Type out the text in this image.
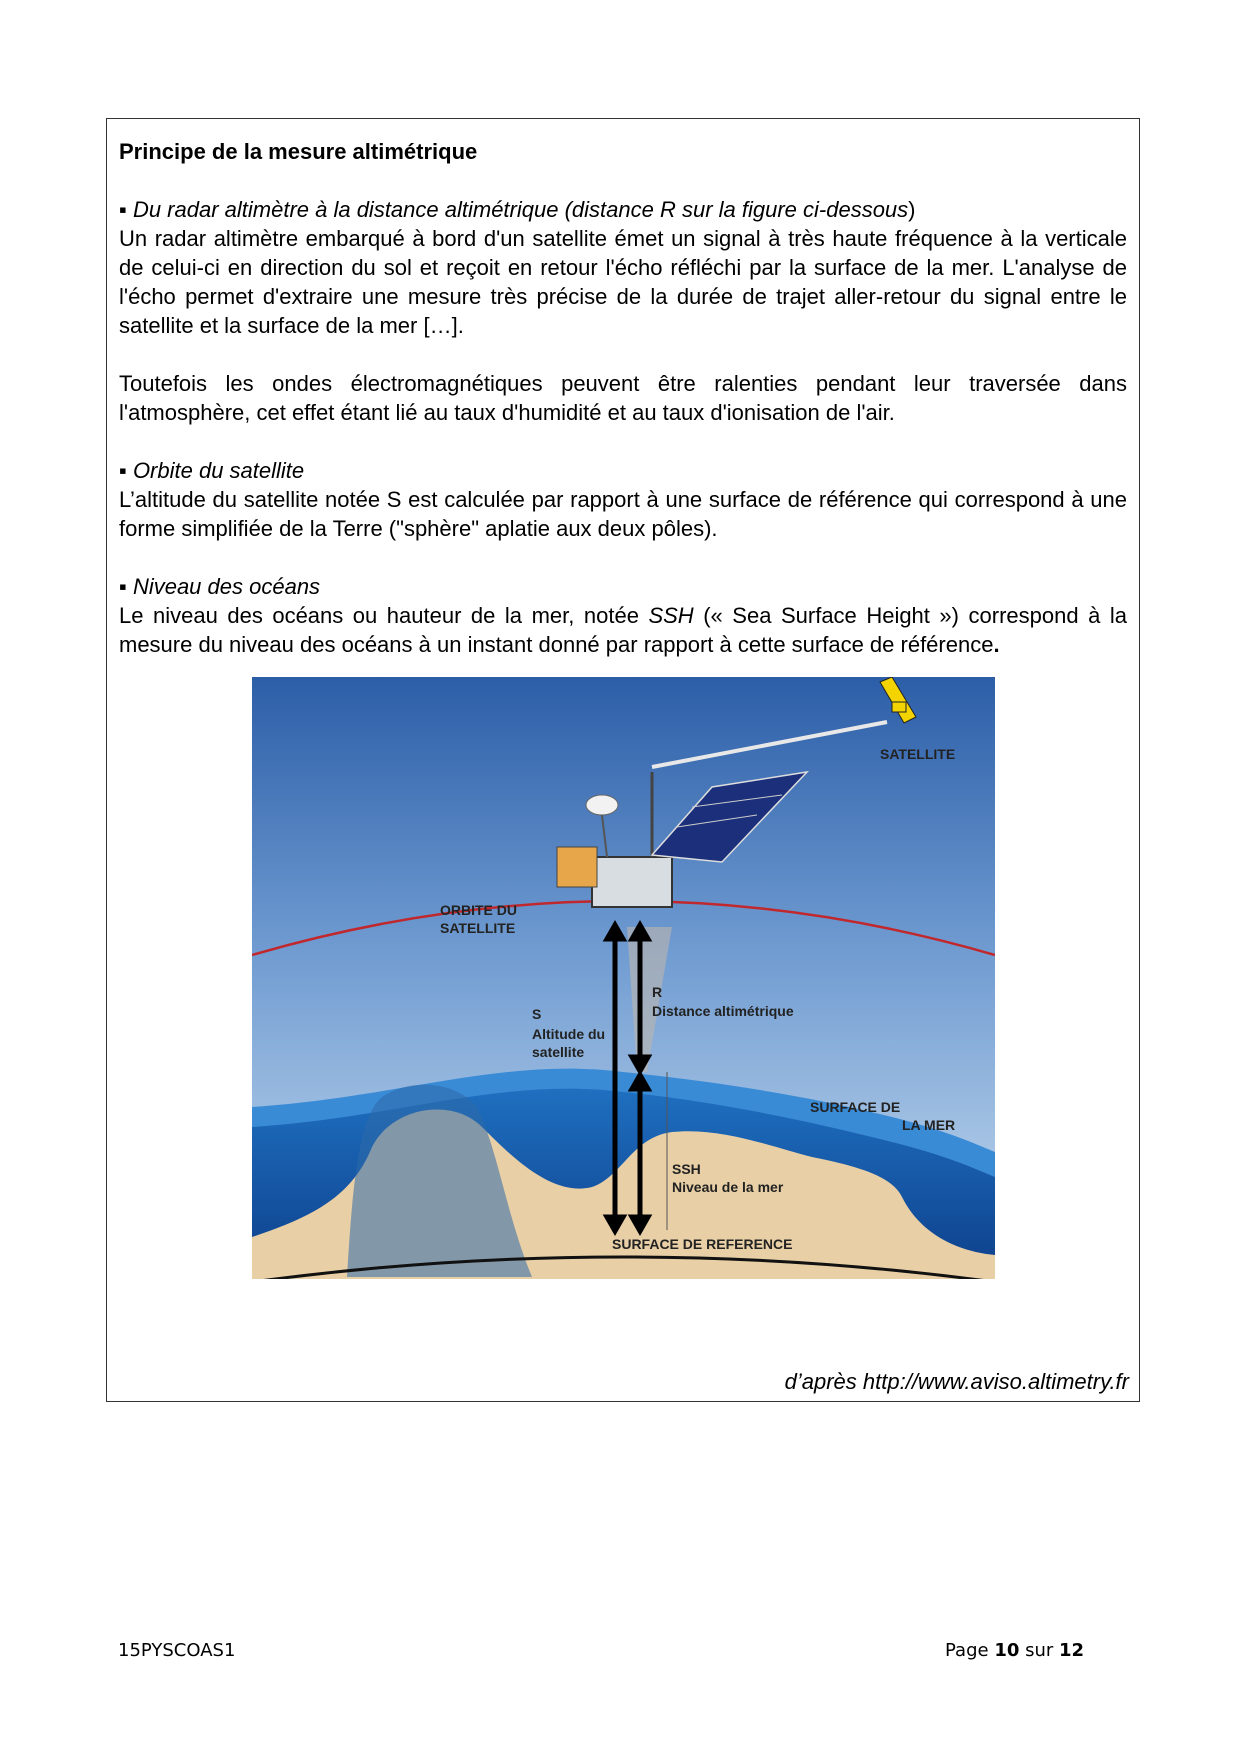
Principe de la mesure altimétrique

▪ Du radar altimètre à la distance altimétrique (distance R sur la figure ci-dessous)

Un radar altimètre embarqué à bord d'un satellite émet un signal à très haute fréquence à la verticale de celui-ci en direction du sol et reçoit en retour l'écho réfléchi par la surface de la mer. L'analyse de l'écho permet d'extraire une mesure très précise de la durée de trajet aller-retour du signal entre le satellite et la surface de la mer […].

Toutefois les ondes électromagnétiques peuvent être ralenties pendant leur traversée dans l'atmosphère, cet effet étant lié au taux d'humidité et au taux d'ionisation de l'air.

▪ Orbite du satellite

L’altitude du satellite notée S est calculée par rapport à une surface de référence qui correspond à une forme simplifiée de la Terre ("sphère" aplatie aux deux pôles).

▪ Niveau des océans

Le niveau des océans ou hauteur de la mer, notée SSH (« Sea Surface Height ») correspond à la mesure du niveau des océans à un instant donné par rapport à cette surface de référence.

SATELLITE
ORBITE DU
SATELLITE
S
Altitude du
satellite
R
Distance altimétrique
SURFACE DE
LA MER
SSH
Niveau de la mer
SURFACE DE REFERENCE
d’après http://www.aviso.altimetry.fr
15PYSCOAS1	Page 10 sur 12
